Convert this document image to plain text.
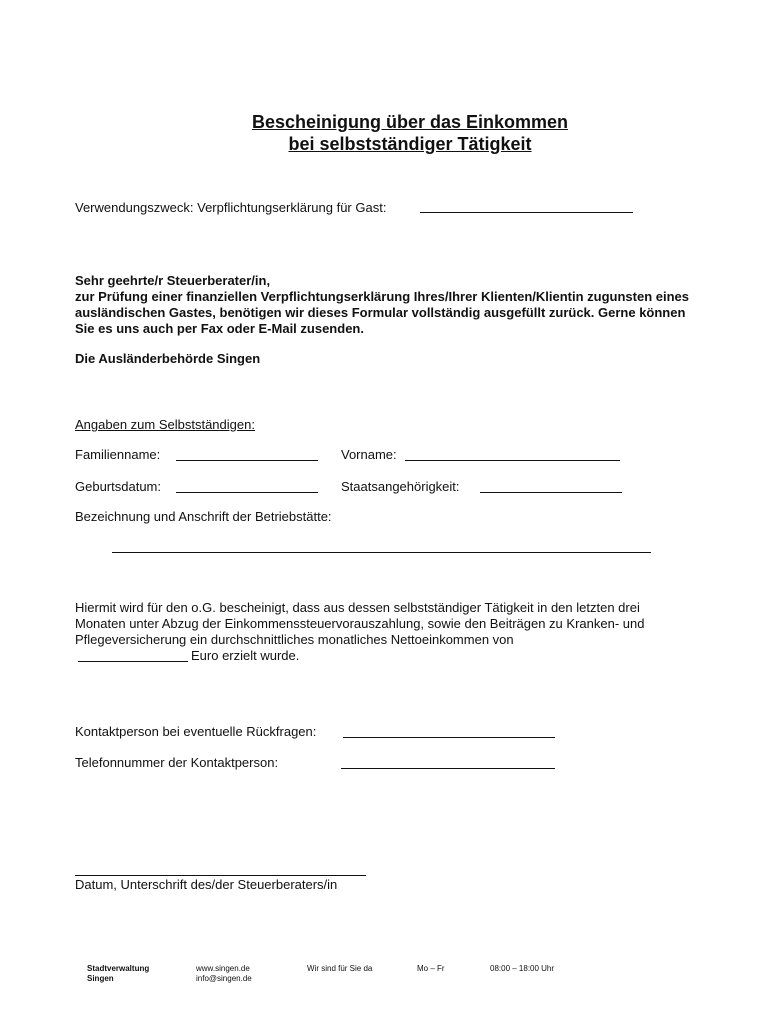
Bescheinigung über das Einkommen
bei selbstständiger Tätigkeit
Verwendungszweck: Verpflichtungserklärung für Gast:
Sehr geehrte/r Steuerberater/in,
zur Prüfung einer finanziellen Verpflichtungserklärung Ihres/Ihrer Klienten/Klientin zugunsten eines
ausländischen Gastes, benötigen wir dieses Formular vollständig ausgefüllt zurück. Gerne können
Sie es uns auch per Fax oder E-Mail zusenden.
Die Ausländerbehörde Singen
Angaben zum Selbstständigen:
Familienname:	Vorname:
Geburtsdatum:	Staatsangehörigkeit:
Bezeichnung und Anschrift der Betriebstätte:
Hiermit wird für den o.G. bescheinigt, dass aus dessen selbstständiger Tätigkeit in den letzten drei
Monaten unter Abzug der Einkommenssteuervorauszahlung, sowie den Beiträgen zu Kranken- und
Pflegeversicherung ein durchschnittliches monatliches Nettoeinkommen von
Euro erzielt wurde.
Kontaktperson bei eventuelle Rückfragen:
Telefonnummer der Kontaktperson:
Datum, Unterschrift des/der Steuerberaters/in
Stadtverwaltung
Singen
www.singen.de
info@singen.de
Wir sind für Sie da	Mo – Fr	08:00 – 18:00 Uhr
